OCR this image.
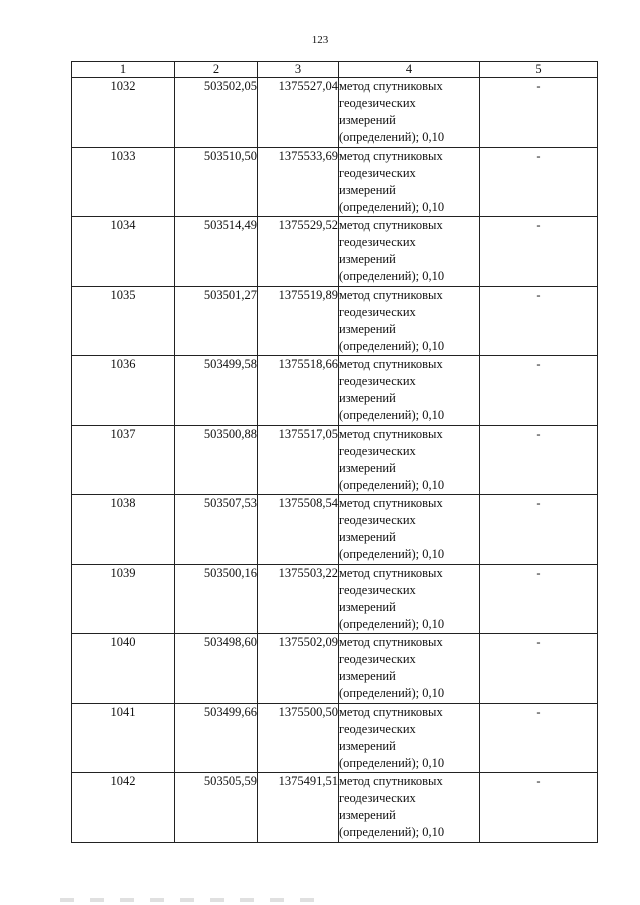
123
1	2	3	4	5
1032	503502,05	1375527,04	метод спутниковых
геодезических
измерений
(определений); 0,10	-
1033	503510,50	1375533,69	метод спутниковых
геодезических
измерений
(определений); 0,10	-
1034	503514,49	1375529,52	метод спутниковых
геодезических
измерений
(определений); 0,10	-
1035	503501,27	1375519,89	метод спутниковых
геодезических
измерений
(определений); 0,10	-
1036	503499,58	1375518,66	метод спутниковых
геодезических
измерений
(определений); 0,10	-
1037	503500,88	1375517,05	метод спутниковых
геодезических
измерений
(определений); 0,10	-
1038	503507,53	1375508,54	метод спутниковых
геодезических
измерений
(определений); 0,10	-
1039	503500,16	1375503,22	метод спутниковых
геодезических
измерений
(определений); 0,10	-
1040	503498,60	1375502,09	метод спутниковых
геодезических
измерений
(определений); 0,10	-
1041	503499,66	1375500,50	метод спутниковых
геодезических
измерений
(определений); 0,10	-
1042	503505,59	1375491,51	метод спутниковых
геодезических
измерений
(определений); 0,10	-
